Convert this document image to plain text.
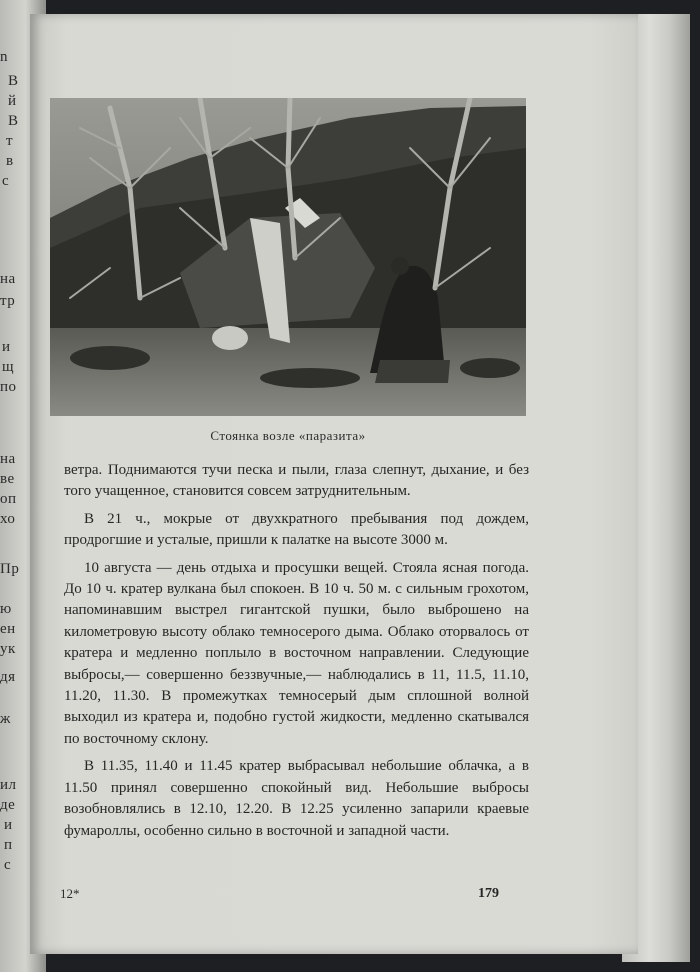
n
B
й
B
т
в
с
на
тр
и
щ
по
на
ве
оп
хо
Пр
ю
ен
ук
дя
ж
ил
де
и
п
с
Стоянка возле «паразита»

ветра. Поднимаются тучи песка и пыли, глаза слепнут, дыхание, и без того учащенное, становится совсем затруднительным.

В 21 ч., мокрые от двухкратного пребывания под дождем, продрогшие и усталые, пришли к палатке на высоте 3000 м.

10 августа — день отдыха и просушки вещей. Стояла ясная погода. До 10 ч. кратер вулкана был спокоен. В 10 ч. 50 м. с сильным грохотом, напоминавшим выстрел гигантской пушки, было выброшено на километровую высоту облако темносерого дыма. Облако оторвалось от кратера и медленно поплыло в восточном направлении. Следующие выбросы,— совершенно беззвучные,— наблюдались в 11, 11.5, 11.10, 11.20, 11.30. В промежутках темносерый дым сплошной волной выходил из кратера и, подобно густой жидкости, медленно скатывался по восточному склону.

В 11.35, 11.40 и 11.45 кратер выбрасывал небольшие облачка, а в 11.50 принял совершенно спокойный вид. Небольшие выбросы возобновлялись в 12.10, 12.20. В 12.25 усиленно запарили краевые фумароллы, особенно сильно в восточной и западной части.

12*	179
